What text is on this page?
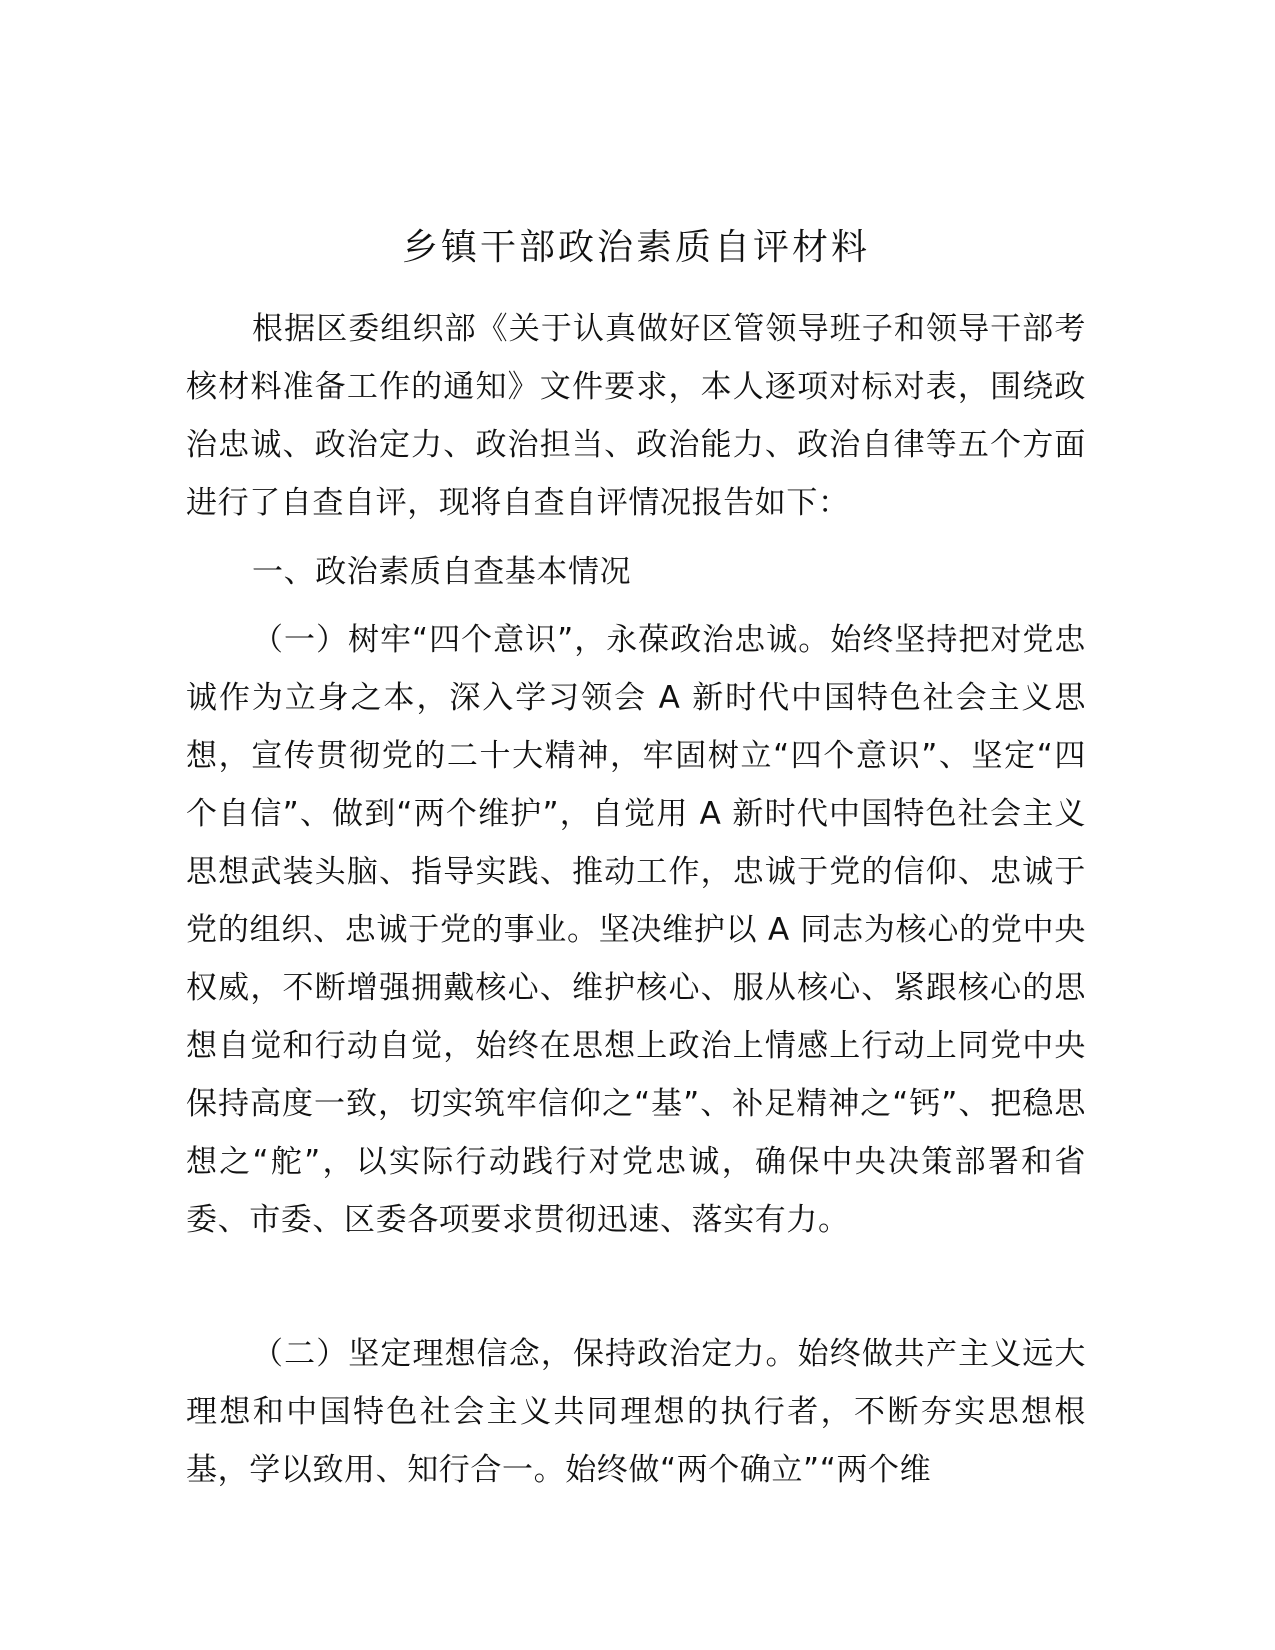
乡镇干部政治素质自评材料

根据区委组织部《关于认真做好区管领导班子和领导干部考核材料准备工作的通知》文件要求，本人逐项对标对表，围绕政治忠诚、政治定力、政治担当、政治能力、政治自律等五个方面进行了自查自评，现将自查自评情况报告如下：

一、政治素质自查基本情况

（一）树牢“四个意识”，永葆政治忠诚。始终坚持把对党忠诚作为立身之本，深入学习领会 A 新时代中国特色社会主义思想，宣传贯彻党的二十大精神，牢固树立“四个意识”、坚定“四个自信”、做到“两个维护”，自觉用 A 新时代中国特色社会主义思想武装头脑、指导实践、推动工作，忠诚于党的信仰、忠诚于党的组织、忠诚于党的事业。坚决维护以 A 同志为核心的党中央权威，不断增强拥戴核心、维护核心、服从核心、紧跟核心的思想自觉和行动自觉，始终在思想上政治上情感上行动上同党中央保持高度一致，切实筑牢信仰之“基”、补足精神之“钙”、把稳思想之“舵”，以实际行动践行对党忠诚，确保中央决策部署和省委、市委、区委各项要求贯彻迅速、落实有力。

（二）坚定理想信念，保持政治定力。始终做共产主义远大理想和中国特色社会主义共同理想的执行者，不断夯实思想根基，学以致用、知行合一。始终做“两个确立”“两个维
